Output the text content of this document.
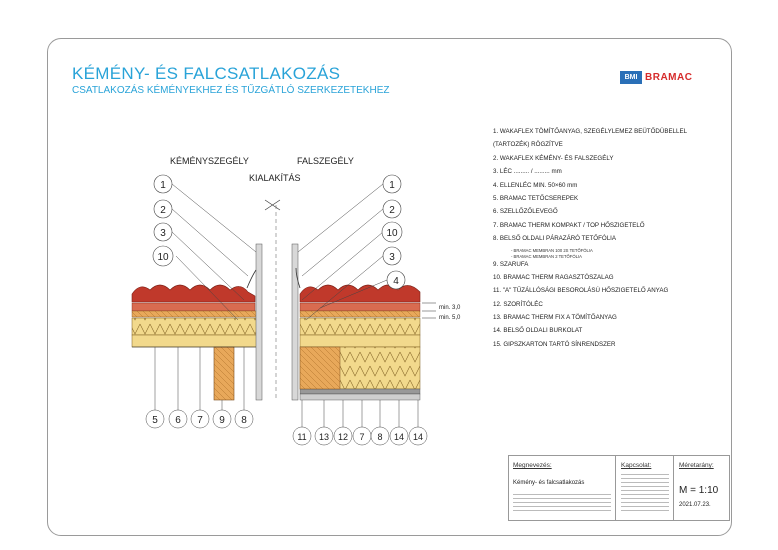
KÉMÉNY- ÉS FALCSATLAKOZÁS
CSATLAKOZÁS KÉMÉNYEKHEZ ÉS TŰZGÁTLÓ SZERKEZETEKHEZ
BMI BRAMAC
KÉMÉNYSZEGÉLY	FALSZEGÉLY
KIALAKÍTÁS
min. 3,0
min. 5,0
1
2
3
10
1
2
10
3
4
5 6 7 9 8
11 13 12 7 8 14 14
1. WAKAFLEX TÖMÍTŐANYAG, SZEGÉLYLEMEZ BEÜTŐDÜBELLEL
(TARTOZÉK) RÖGZÍTVE
2. WAKAFLEX KÉMÉNY- ÉS FALSZEGÉLY
3. LÉC ......... / ......... mm
4. ELLENLÉC MIN. 50×60 mm
5. BRAMAC TETŐCSEREPEK
6. SZELLŐZŐLEVEGŐ
7. BRAMAC THERM KOMPAKT / TOP HŐSZIGETELŐ
8. BELSŐ OLDALI PÁRAZÁRÓ TETŐFÓLIA
- BRAMAC MEMBRAN 100 2S TETŐFÓLIA
- BRAMAC MEMBRAN 2 TETŐFÓLIA
9. SZARUFA
10. BRAMAC THERM RAGASZTÓSZALAG
11. "A" TŰZÁLLÓSÁGI BESOROLÁSÚ HŐSZIGETELŐ ANYAG
12. SZORÍTÓLÉC
13. BRAMAC THERM FIX A TÖMÍTŐANYAG
14. BELSŐ OLDALI BURKOLAT
15. GIPSZKARTON TARTÓ SÍNRENDSZER
Megnevezés:
Kémény- és falcsatlakozás
Kapcsolat:	Méretarány:
M = 1:10
2021.07.23.
